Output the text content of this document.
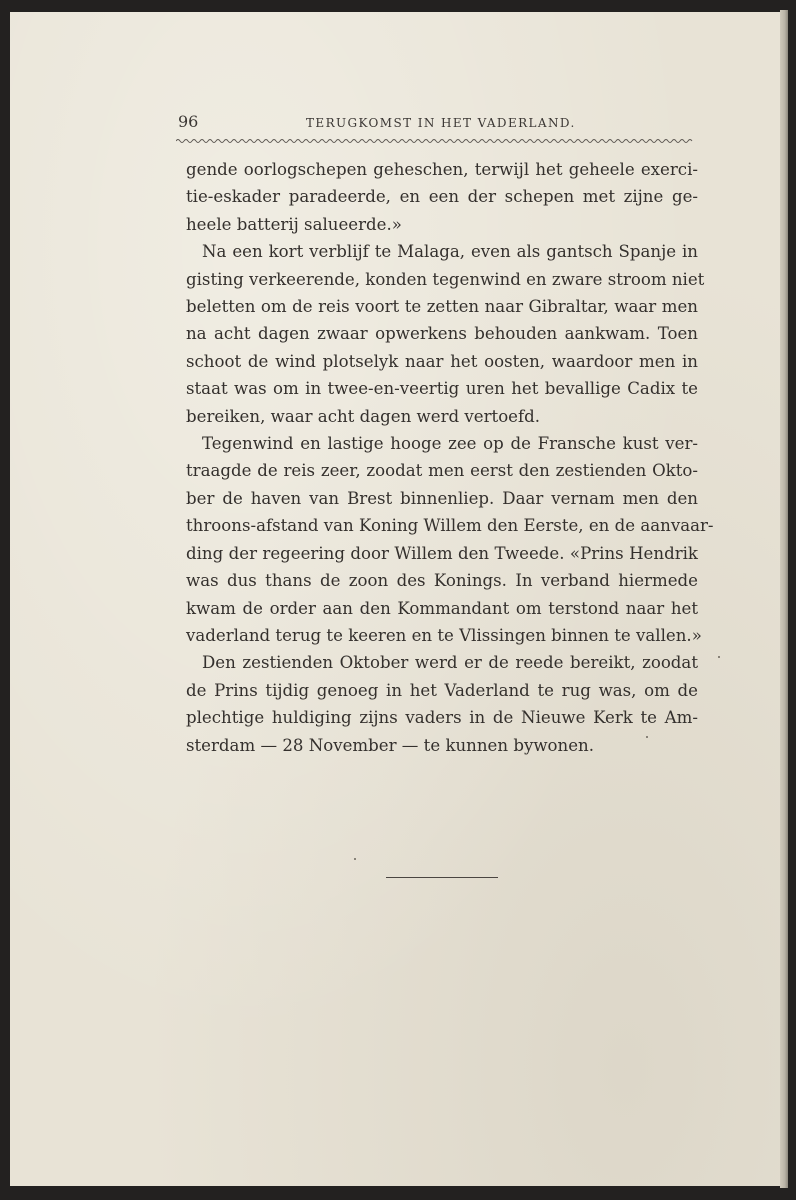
96	TERUGKOMST IN HET VADERLAND.
gende oorlogschepen geheschen, terwijl het geheele exerci-
tie-eskader paradeerde, en een der schepen met zijne ge-
heele batterij salueerde.»
Na een kort verblijf te Malaga, even als gantsch Spanje in
gisting verkeerende, konden tegenwind en zware stroom niet
beletten om de reis voort te zetten naar Gibraltar, waar men
na acht dagen zwaar opwerkens behouden aankwam. Toen
schoot de wind plotselyk naar het oosten, waardoor men in
staat was om in twee-en-veertig uren het bevallige Cadix te
bereiken, waar acht dagen werd vertoefd.
Tegenwind en lastige hooge zee op de Fransche kust ver-
traagde de reis zeer, zoodat men eerst den zestienden Okto-
ber de haven van Brest binnenliep. Daar vernam men den
throons-afstand van Koning Willem den Eerste, en de aanvaar-
ding der regeering door Willem den Tweede. «Prins Hendrik
was dus thans de zoon des Konings. In verband hiermede
kwam de order aan den Kommandant om terstond naar het
vaderland terug te keeren en te Vlissingen binnen te vallen.»
Den zestienden Oktober werd er de reede bereikt, zoodat
de Prins tijdig genoeg in het Vaderland te rug was, om de
plechtige huldiging zijns vaders in de Nieuwe Kerk te Am-
sterdam — 28 November — te kunnen bywonen.
